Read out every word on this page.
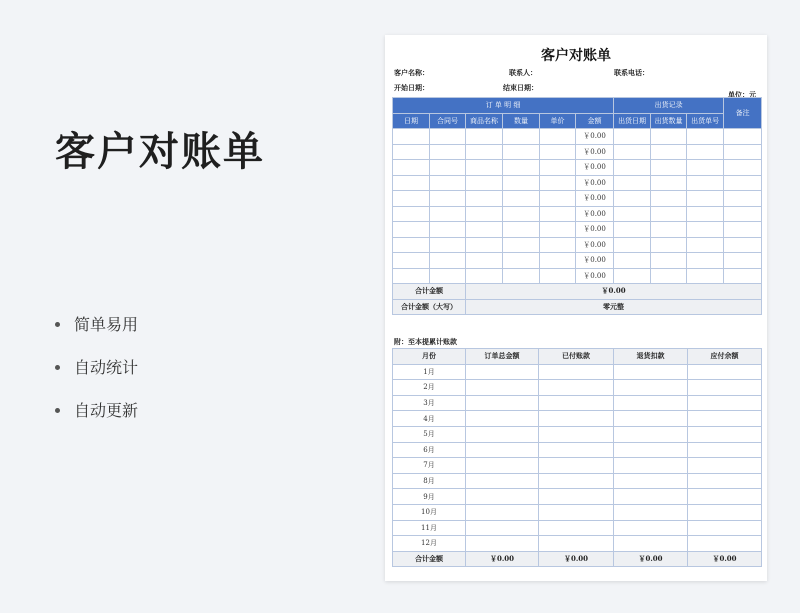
客户对账单
简单易用
自动统计
自动更新
客户对账单
客户名称：	联系人：	联系电话：
开始日期：	结束日期：
单位：元
订 单 明 细						出货记录			备注
日期	合同号	商品名称	数量	单价	金额	出货日期	出货数量	出货单号	
					￥0.00				
					￥0.00				
					￥0.00				
					￥0.00				
					￥0.00				
					￥0.00				
					￥0.00				
					￥0.00				
					￥0.00				
					￥0.00				
合计金额		￥0.00							
合计金额（大写）		零元整							
附：至本提累计账款
月份	订单总金额	已付账款	退货扣款	应付余额
1月				
2月				
3月				
4月				
5月				
6月				
7月				
8月				
9月				
10月				
11月				
12月				
合计金额	￥0.00	￥0.00	￥0.00	￥0.00
